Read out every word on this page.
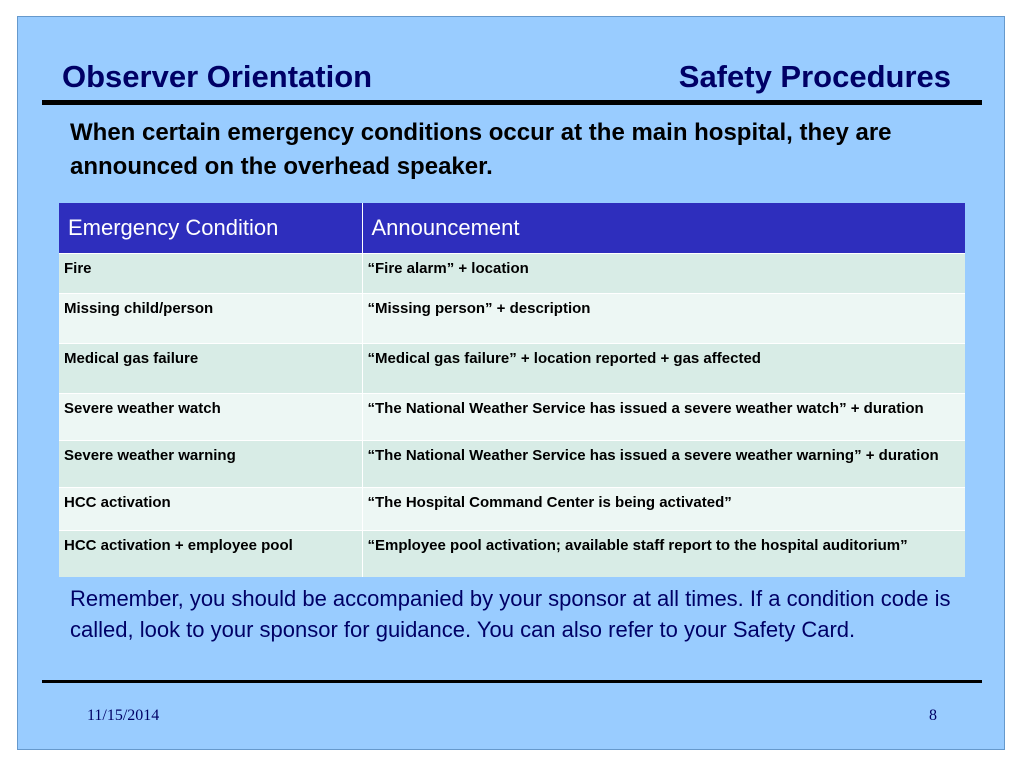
Observer Orientation	Safety Procedures
When certain emergency conditions occur at the main hospital, they are announced on the overhead speaker.
Emergency Condition	Announcement
Fire	“Fire alarm” + location
Missing child/person	“Missing person” + description
Medical gas failure	“Medical gas failure” + location reported + gas affected
Severe weather watch	“The National Weather Service has issued a severe weather watch” + duration
Severe weather warning	“The National Weather Service has issued a severe weather warning” + duration
HCC activation	“The Hospital Command Center is being activated”
HCC activation + employee pool	“Employee pool activation; available staff report to the hospital auditorium”
Remember, you should be accompanied by your sponsor at all times. If a condition code is called, look to your sponsor for guidance. You can also refer to your Safety Card.
11/15/2014	8
